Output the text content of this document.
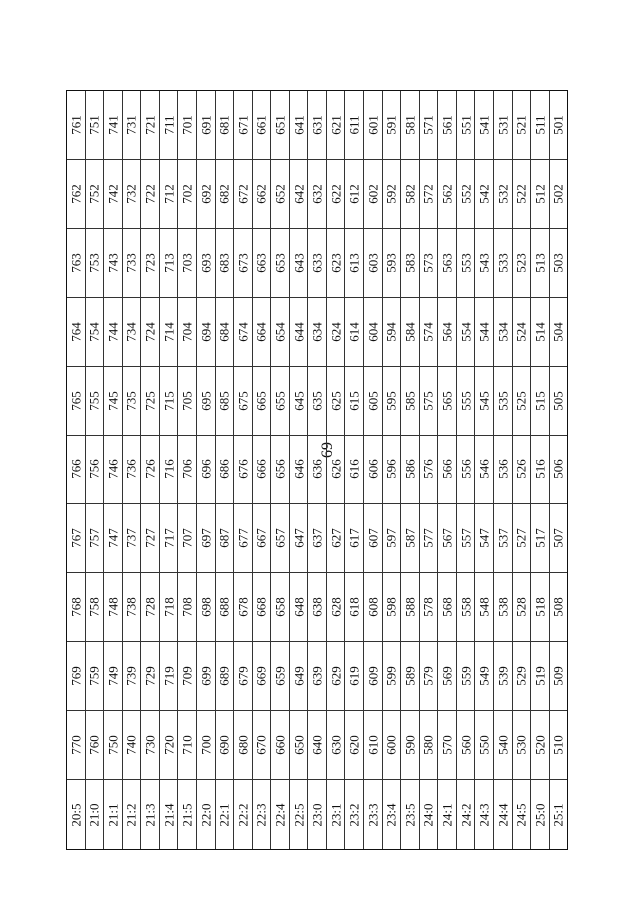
69
761 751 741 731 721 711 701 691 681 671 661 651 641 631 621 611 601 591 581 571 561 551 541 531 521 511 501
762 752 742 732 722 712 702 692 682 672 662 652 642 632 622 612 602 592 582 572 562 552 542 532 522 512 502
763 753 743 733 723 713 703 693 683 673 663 653 643 633 623 613 603 593 583 573 563 553 543 533 523 513 503
764 754 744 734 724 714 704 694 684 674 664 654 644 634 624 614 604 594 584 574 564 554 544 534 524 514 504
765 755 745 735 725 715 705 695 685 675 665 655 645 635 625 615 605 595 585 575 565 555 545 535 525 515 505
766 756 746 736 726 716 706 696 686 676 666 656 646 636 626 616 606 596 586 576 566 556 546 536 526 516 506
767 757 747 737 727 717 707 697 687 677 667 657 647 637 627 617 607 597 587 577 567 557 547 537 527 517 507
768 758 748 738 728 718 708 698 688 678 668 658 648 638 628 618 608 598 588 578 568 558 548 538 528 518 508
769 759 749 739 729 719 709 699 689 679 669 659 649 639 629 619 609 599 589 579 569 559 549 539 529 519 509
770 760 750 740 730 720 710 700 690 680 670 660 650 640 630 620 610 600 590 580 570 560 550 540 530 520 510
20:5 21:0 21:1 21:2 21:3 21:4 21:5 22:0 22:1 22:2 22:3 22:4 22:5 23:0 23:1 23:2 23:3 23:4 23:5 24:0 24:1 24:2 24:3 24:4 24:5 25:0 25:1
